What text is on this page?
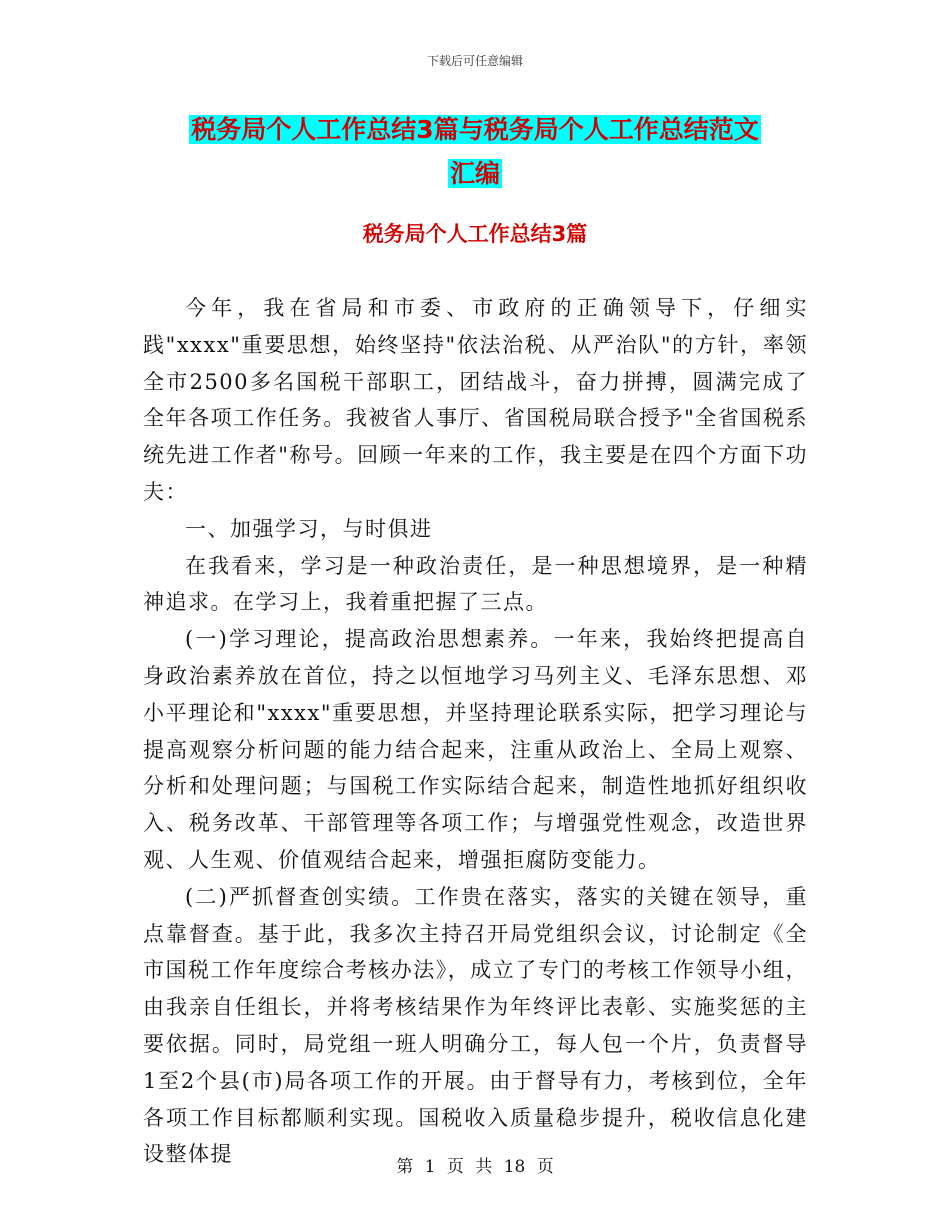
下载后可任意编辑
税务局个人工作总结3篇与税务局个人工作总结范文
汇编
税务局个人工作总结3篇

今年，我在省局和市委、市政府的正确领导下，仔细实践"xxxx"重要思想，始终坚持"依法治税、从严治队"的方针，率领全市2500多名国税干部职工，团结战斗，奋力拼搏，圆满完成了全年各项工作任务。我被省人事厅、省国税局联合授予"全省国税系统先进工作者"称号。回顾一年来的工作，我主要是在四个方面下功夫：

一、加强学习，与时俱进

在我看来，学习是一种政治责任，是一种思想境界，是一种精神追求。在学习上，我着重把握了三点。

(一)学习理论，提高政治思想素养。一年来，我始终把提高自身政治素养放在首位，持之以恒地学习马列主义、毛泽东思想、邓小平理论和"xxxx"重要思想，并坚持理论联系实际，把学习理论与提高观察分析问题的能力结合起来，注重从政治上、全局上观察、分析和处理问题；与国税工作实际结合起来，制造性地抓好组织收入、税务改革、干部管理等各项工作；与增强党性观念，改造世界观、人生观、价值观结合起来，增强拒腐防变能力。

(二)严抓督查创实绩。工作贵在落实，落实的关键在领导，重点靠督查。基于此，我多次主持召开局党组织会议，讨论制定《全市国税工作年度综合考核办法》，成立了专门的考核工作领导小组，由我亲自任组长，并将考核结果作为年终评比表彰、实施奖惩的主要依据。同时，局党组一班人明确分工，每人包一个片，负责督导1至2个县(市)局各项工作的开展。由于督导有力，考核到位，全年各项工作目标都顺利实现。国税收入质量稳步提升，税收信息化建设整体提

第 1 页 共 18 页
